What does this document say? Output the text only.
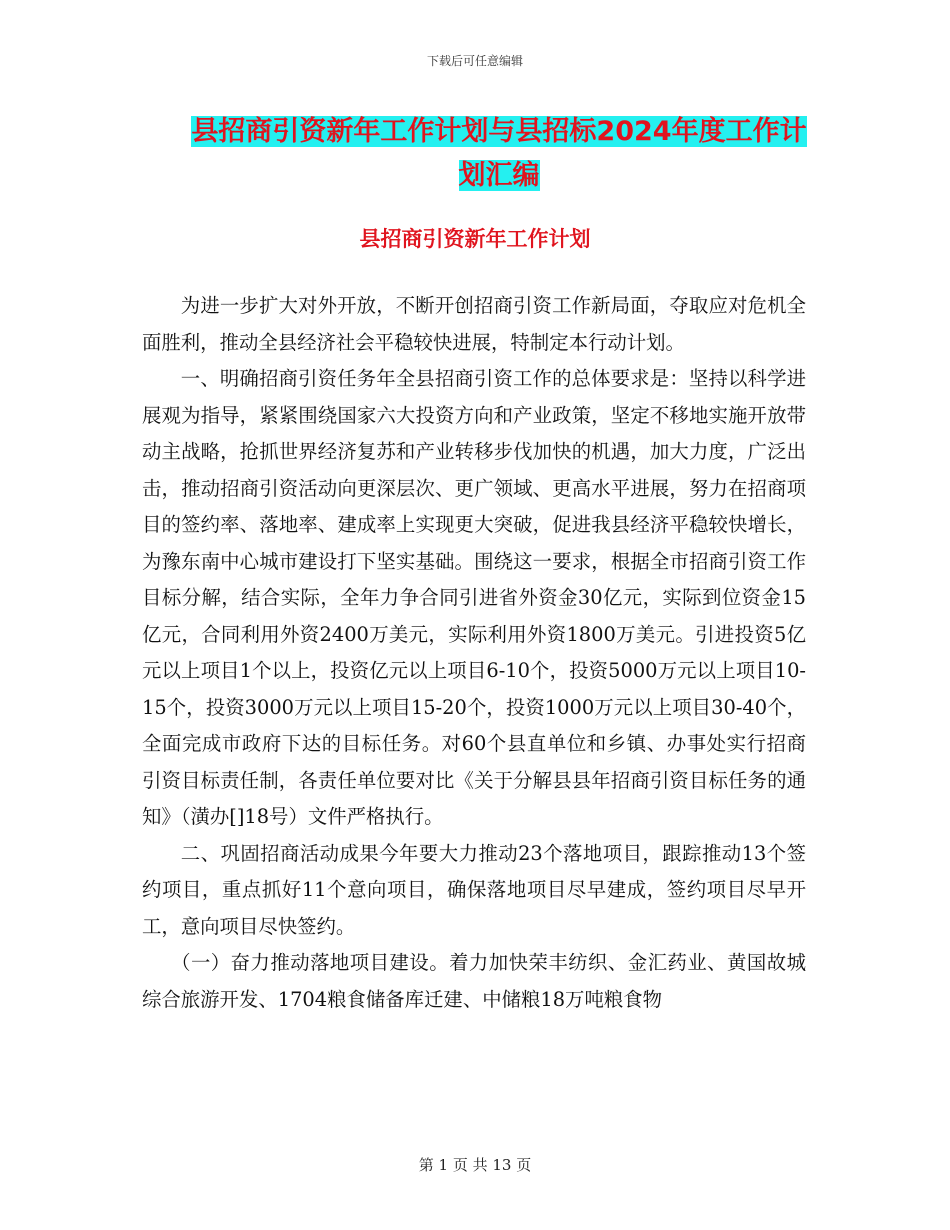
下载后可任意编辑
县招商引资新年工作计划与县招标2024年度工作计划汇编
县招商引资新年工作计划

为进一步扩大对外开放，不断开创招商引资工作新局面，夺取应对危机全面胜利，推动全县经济社会平稳较快进展，特制定本行动计划。

一、明确招商引资任务年全县招商引资工作的总体要求是：坚持以科学进展观为指导，紧紧围绕国家六大投资方向和产业政策，坚定不移地实施开放带动主战略，抢抓世界经济复苏和产业转移步伐加快的机遇，加大力度，广泛出击，推动招商引资活动向更深层次、更广领域、更高水平进展，努力在招商项目的签约率、落地率、建成率上实现更大突破，促进我县经济平稳较快增长，为豫东南中心城市建设打下坚实基础。围绕这一要求，根据全市招商引资工作目标分解，结合实际，全年力争合同引进省外资金30亿元，实际到位资金15亿元，合同利用外资2400万美元，实际利用外资1800万美元。引进投资5亿元以上项目1个以上，投资亿元以上项目6-10个，投资5000万元以上项目10-15个，投资3000万元以上项目15-20个，投资1000万元以上项目30-40个，全面完成市政府下达的目标任务。对60个县直单位和乡镇、办事处实行招商引资目标责任制，各责任单位要对比《关于分解县县年招商引资目标任务的通知》（潢办[]18号）文件严格执行。

二、巩固招商活动成果今年要大力推动23个落地项目，跟踪推动13个签约项目，重点抓好11个意向项目，确保落地项目尽早建成，签约项目尽早开工，意向项目尽快签约。

（一）奋力推动落地项目建设。着力加快荣丰纺织、金汇药业、黄国故城综合旅游开发、1704粮食储备库迁建、中储粮18万吨粮食物

第 1 页 共 13 页
